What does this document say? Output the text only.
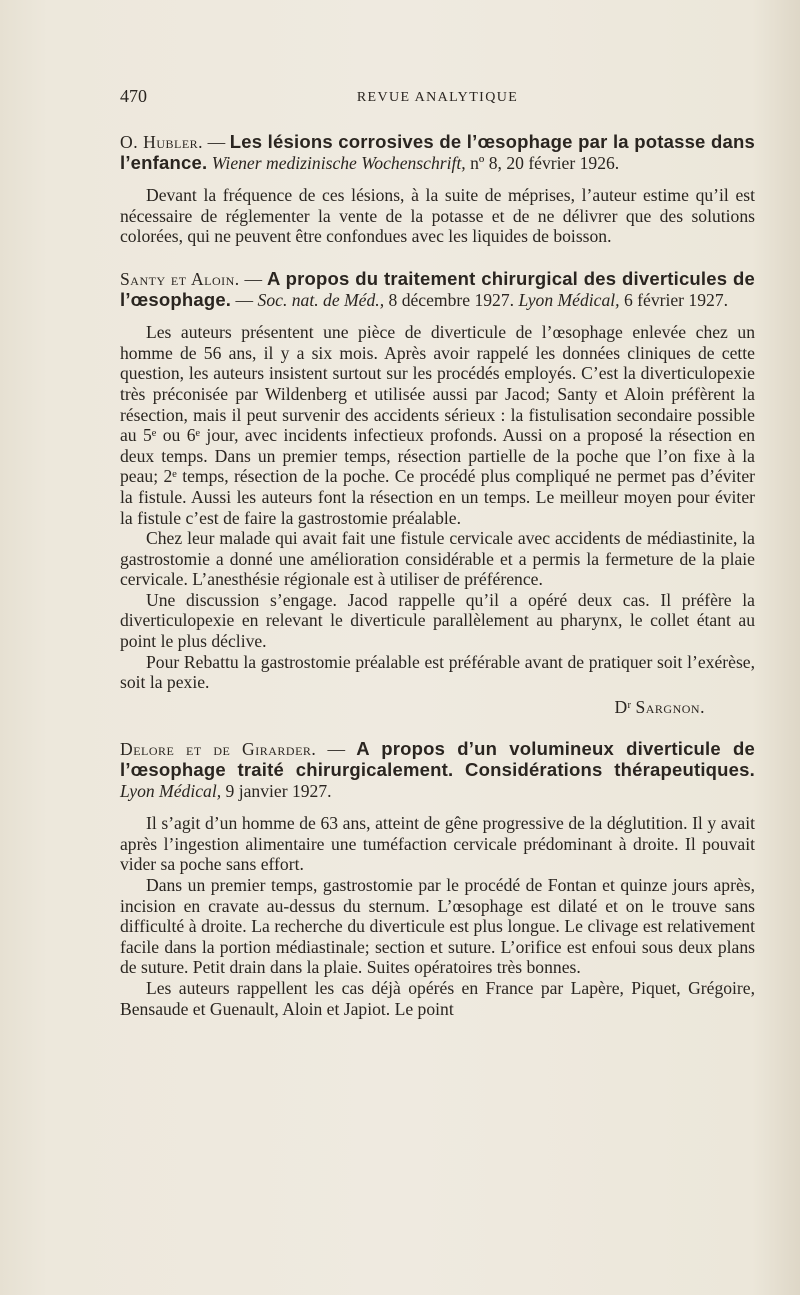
470	REVUE ANALYTIQUE

O. Hubler. — Les lésions corrosives de l’œsophage par la potasse dans l’enfance. Wiener medizinische Wochenschrift, nº 8, 20 février 1926.

Devant la fréquence de ces lésions, à la suite de méprises, l’auteur estime qu’il est nécessaire de réglementer la vente de la potasse et de ne délivrer que des solutions colorées, qui ne peuvent être confondues avec les liquides de boisson.

Santy et Aloin. — A propos du traitement chirurgical des diverticules de l’œsophage. — Soc. nat. de Méd., 8 décembre 1927. Lyon Médical, 6 février 1927.

Les auteurs présentent une pièce de diverticule de l’œsophage enlevée chez un homme de 56 ans, il y a six mois. Après avoir rappelé les données cliniques de cette question, les auteurs insistent surtout sur les procédés employés. C’est la diverticulopexie très préconisée par Wildenberg et utilisée aussi par Jacod; Santy et Aloin préfèrent la résection, mais il peut survenir des accidents sérieux : la fistulisation secondaire possible au 5ᵉ ou 6ᵉ jour, avec incidents infectieux profonds. Aussi on a proposé la résection en deux temps. Dans un premier temps, résection partielle de la poche que l’on fixe à la peau; 2ᵉ temps, résection de la poche. Ce procédé plus compliqué ne permet pas d’éviter la fistule. Aussi les auteurs font la résection en un temps. Le meilleur moyen pour éviter la fistule c’est de faire la gastrostomie préalable.

Chez leur malade qui avait fait une fistule cervicale avec accidents de médiastinite, la gastrostomie a donné une amélioration considérable et a permis la fermeture de la plaie cervicale. L’anesthésie régionale est à utiliser de préférence.

Une discussion s’engage. Jacod rappelle qu’il a opéré deux cas. Il préfère la diverticulopexie en relevant le diverticule parallèlement au pharynx, le collet étant au point le plus déclive.

Pour Rebattu la gastrostomie préalable est préférable avant de pratiquer soit l’exérèse, soit la pexie.

Dʳ Sargnon.

Delore et de Girarder. — A propos d’un volumineux diverticule de l’œsophage traité chirurgicalement. Considérations thérapeutiques. Lyon Médical, 9 janvier 1927.

Il s’agit d’un homme de 63 ans, atteint de gêne progressive de la déglutition. Il y avait après l’ingestion alimentaire une tuméfaction cervicale prédominant à droite. Il pouvait vider sa poche sans effort.

Dans un premier temps, gastrostomie par le procédé de Fontan et quinze jours après, incision en cravate au-dessus du sternum. L’œsophage est dilaté et on le trouve sans difficulté à droite. La recherche du diverticule est plus longue. Le clivage est relativement facile dans la portion médiastinale; section et suture. L’orifice est enfoui sous deux plans de suture. Petit drain dans la plaie. Suites opératoires très bonnes.

Les auteurs rappellent les cas déjà opérés en France par Lapère, Piquet, Grégoire, Bensaude et Guenault, Aloin et Japiot. Le point
